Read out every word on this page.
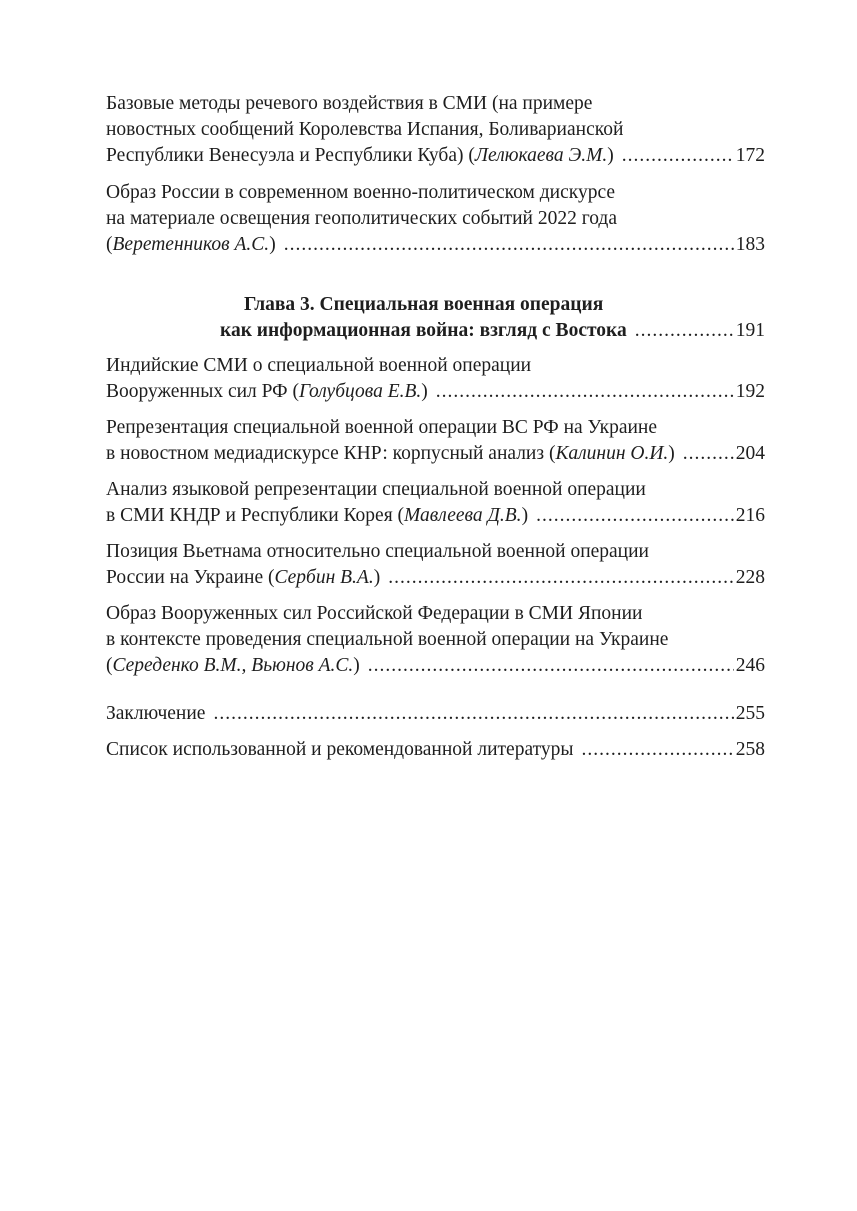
Базовые методы речевого воздействия в СМИ (на примере
новостных сообщений Королевства Испания, Боливарианской
Республики Венесуэла и Республики Куба) (Лелюкаева Э.М.) .....	172
Образ России в современном военно-политическом дискурсе
на материале освещения геополитических событий 2022 года
(Веретенников А.С.) .....	183
Глава 3. Специальная военная операция
как информационная война: взгляд с Востока .....	191
Индийские СМИ о специальной военной операции
Вооруженных сил РФ (Голубцова Е.В.) .....	192
Репрезентация специальной военной операции ВС РФ на Украине
в новостном медиадискурсе КНР: корпусный анализ (Калинин О.И.) .....	204
Анализ языковой репрезентации специальной военной операции
в СМИ КНДР и Республики Корея (Мавлеева Д.В.) .....	216
Позиция Вьетнама относительно специальной военной операции
России на Украине (Сербин В.А.) .....	228
Образ Вооруженных сил Российской Федерации в СМИ Японии
в контексте проведения специальной военной операции на Украине
(Середенко В.М., Вьюнов А.С.) .....	246
Заключение .....	255
Список использованной и рекомендованной литературы .....	258
